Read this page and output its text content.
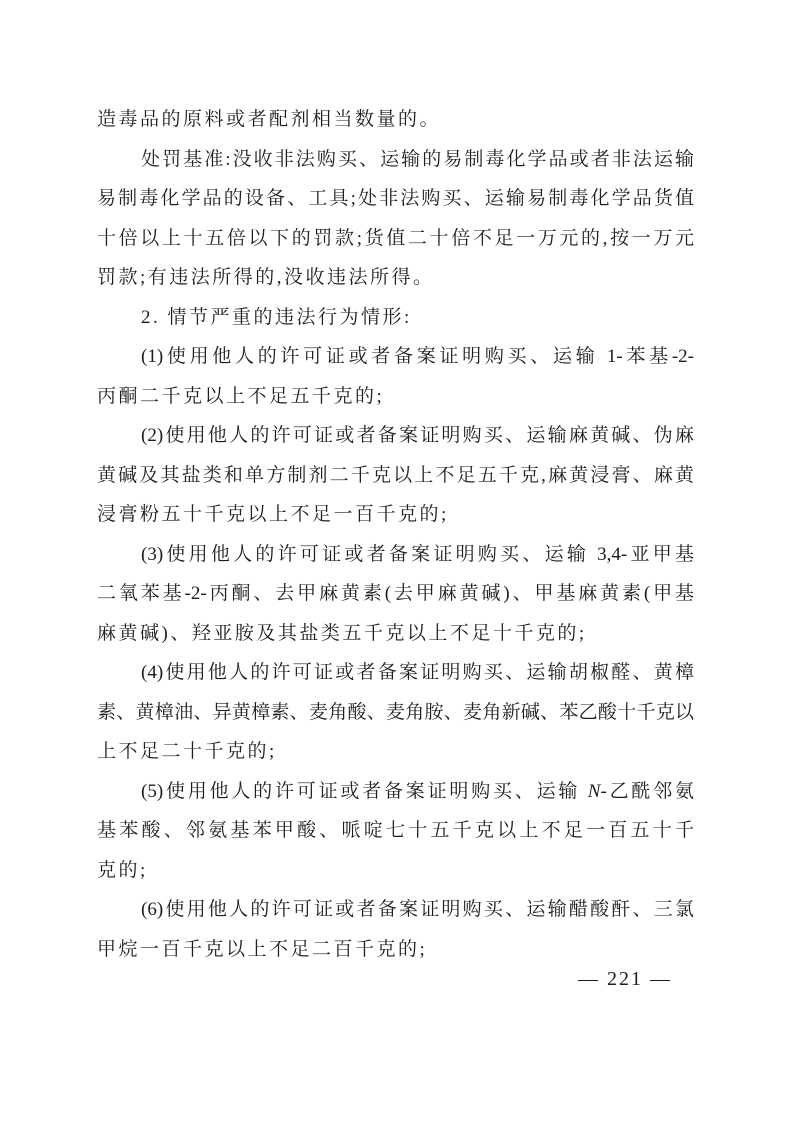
造毒品的原料或者配剂相当数量的。

处罚基准:没收非法购买、运输的易制毒化学品或者非法运输
易制毒化学品的设备、工具;处非法购买、运输易制毒化学品货值
十倍以上十五倍以下的罚款;货值二十倍不足一万元的,按一万元
罚款;有违法所得的,没收违法所得。

2. 情节严重的违法行为情形:

(1)使用他人的许可证或者备案证明购买、运输 1-苯基-2-
丙酮二千克以上不足五千克的;

(2)使用他人的许可证或者备案证明购买、运输麻黄碱、伪麻
黄碱及其盐类和单方制剂二千克以上不足五千克,麻黄浸膏、麻黄
浸膏粉五十千克以上不足一百千克的;

(3)使用他人的许可证或者备案证明购买、运输 3,4-亚甲基
二氧苯基-2-丙酮、去甲麻黄素(去甲麻黄碱)、甲基麻黄素(甲基
麻黄碱)、羟亚胺及其盐类五千克以上不足十千克的;

(4)使用他人的许可证或者备案证明购买、运输胡椒醛、黄樟
素、黄樟油、异黄樟素、麦角酸、麦角胺、麦角新碱、苯乙酸十千克以
上不足二十千克的;

(5)使用他人的许可证或者备案证明购买、运输 N-乙酰邻氨
基苯酸、邻氨基苯甲酸、哌啶七十五千克以上不足一百五十千
克的;

(6)使用他人的许可证或者备案证明购买、运输醋酸酐、三氯
甲烷一百千克以上不足二百千克的;

— 221 —
